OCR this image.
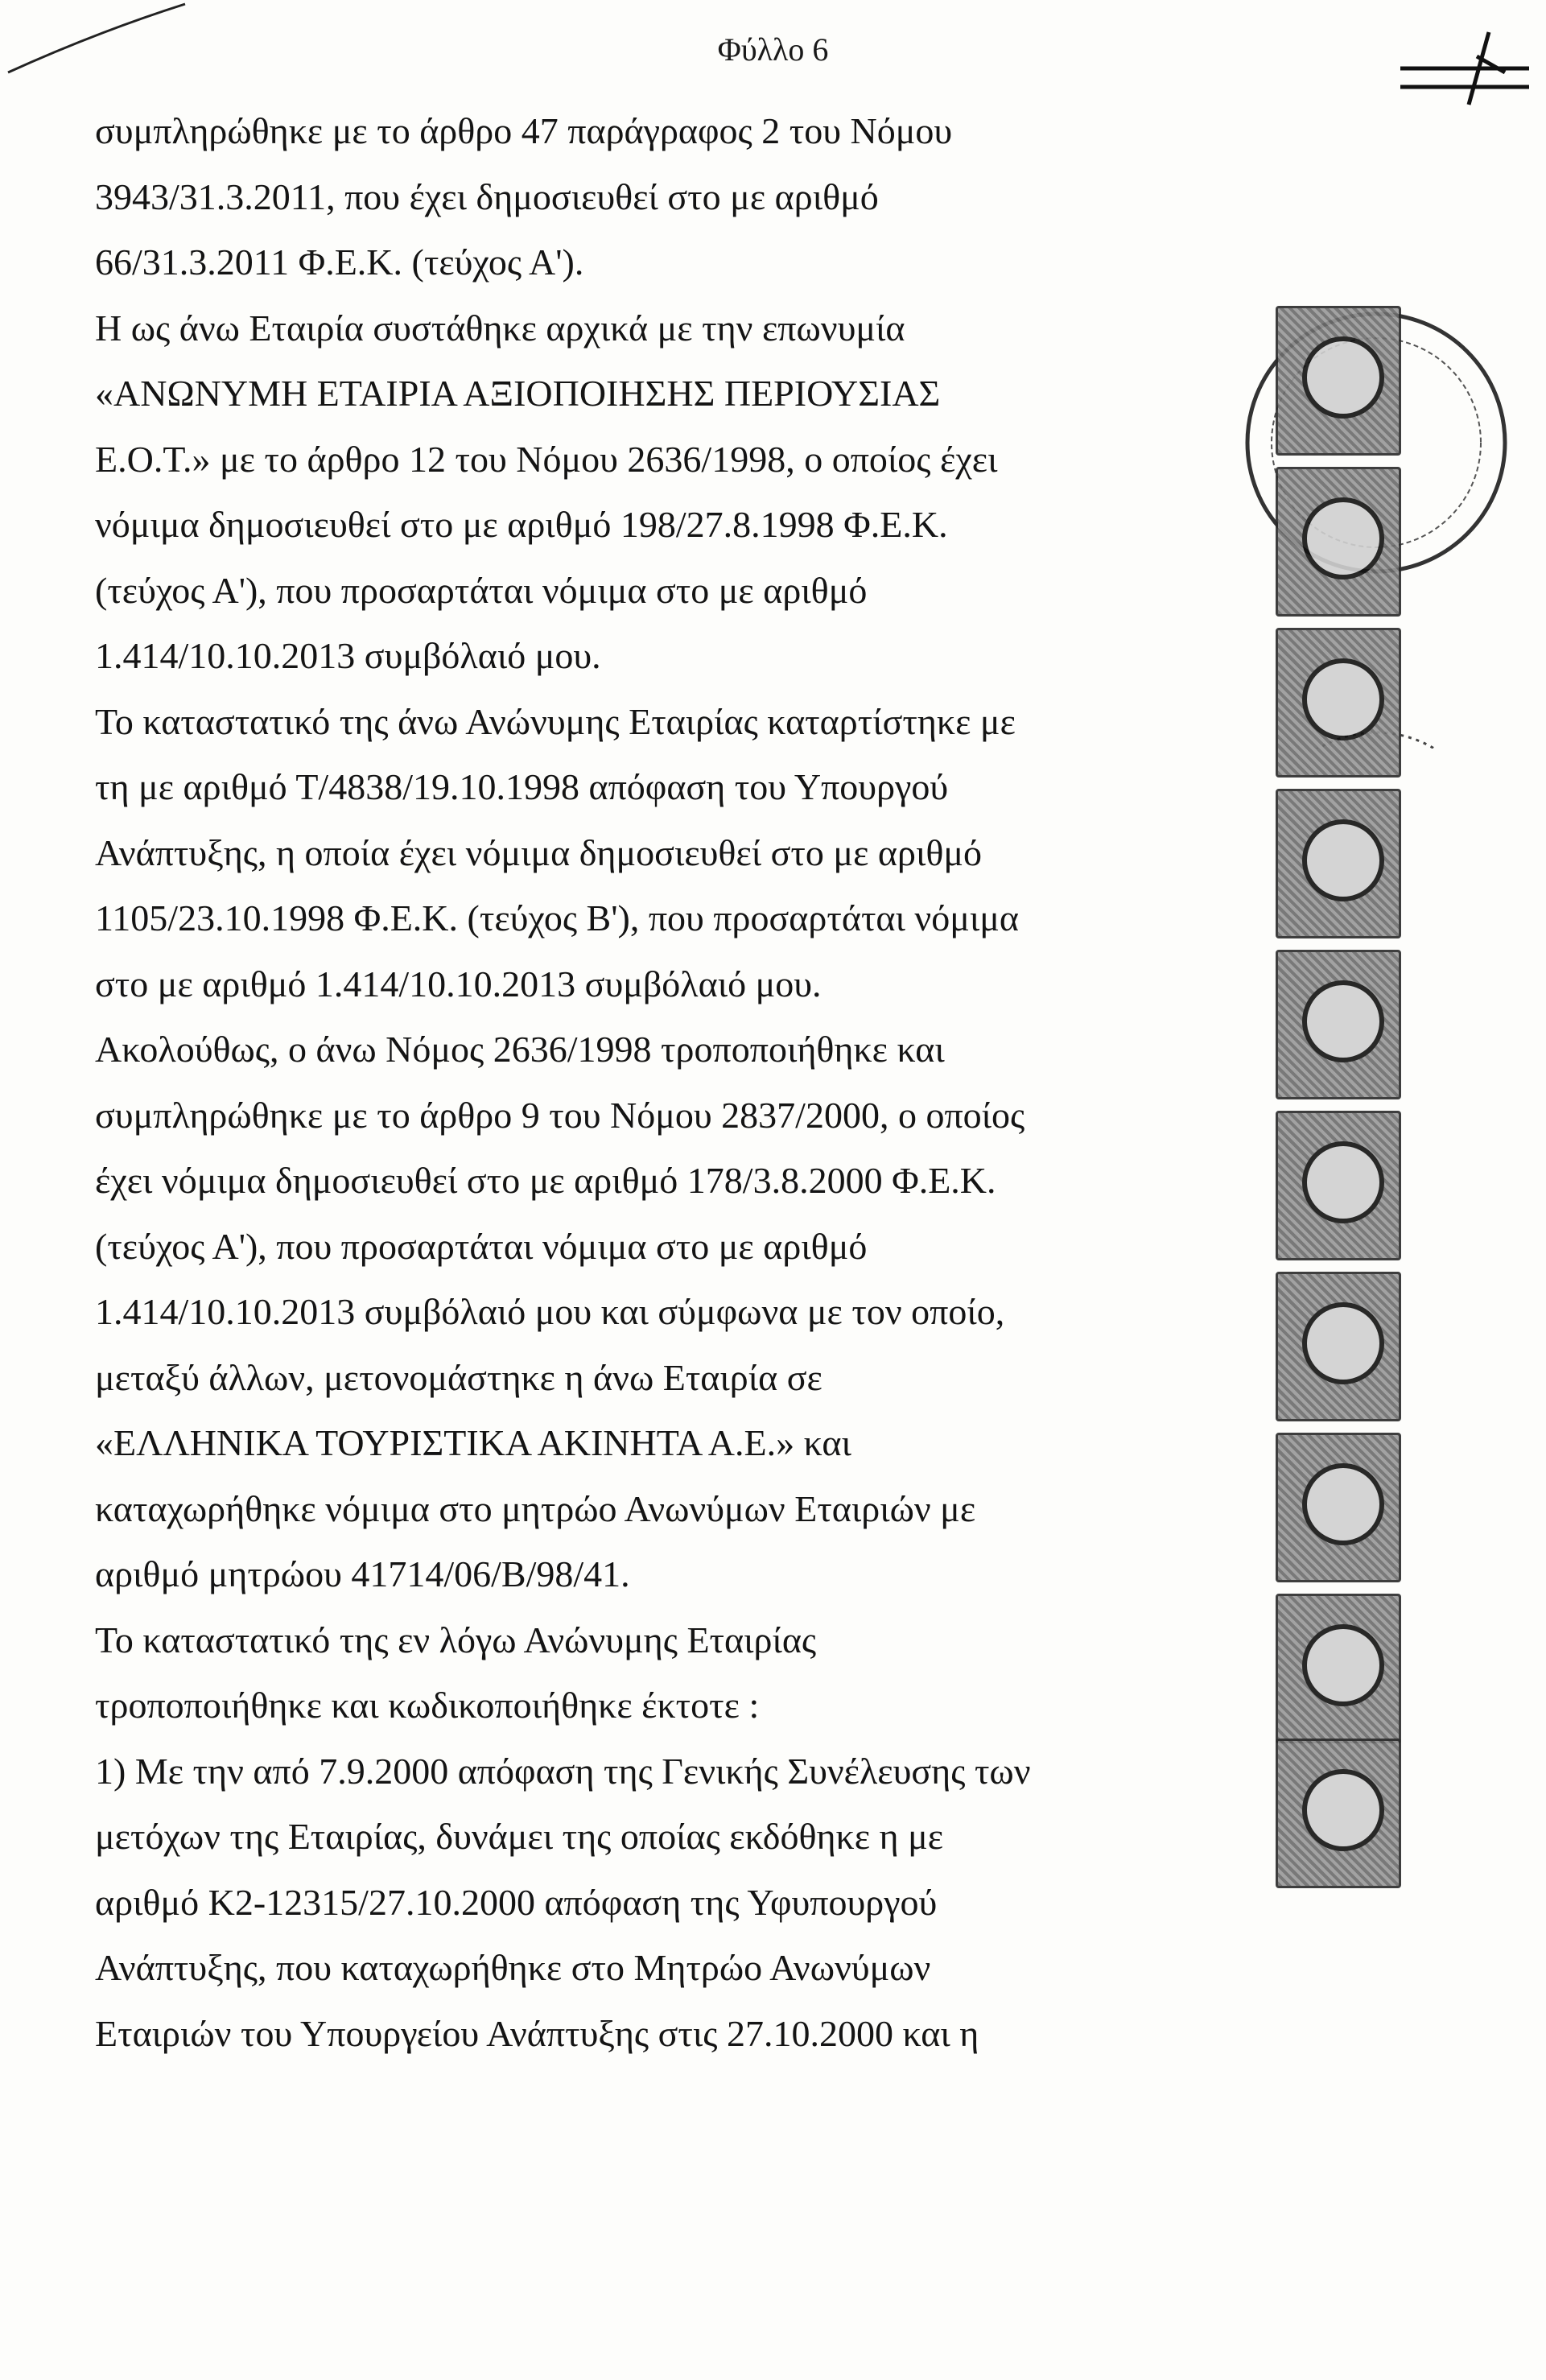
Φύλλο 6
συμπληρώθηκε με το άρθρο 47 παράγραφος 2 του Νόμου
3943/31.3.2011, που έχει δημοσιευθεί στο με αριθμό
66/31.3.2011 Φ.Ε.Κ. (τεύχος Α').
Η ως άνω Εταιρία συστάθηκε αρχικά με την επωνυμία
«ΑΝΩΝΥΜΗ ΕΤΑΙΡΙΑ ΑΞΙΟΠΟΙΗΣΗΣ ΠΕΡΙΟΥΣΙΑΣ
Ε.Ο.Τ.» με το άρθρο 12 του Νόμου 2636/1998, ο οποίος έχει
νόμιμα δημοσιευθεί στο με αριθμό 198/27.8.1998 Φ.Ε.Κ.
(τεύχος Α'), που προσαρτάται νόμιμα στο με αριθμό
1.414/10.10.2013 συμβόλαιό μου.
Το καταστατικό της άνω Ανώνυμης Εταιρίας καταρτίστηκε με
τη με αριθμό Τ/4838/19.10.1998 απόφαση του Υπουργού
Ανάπτυξης, η οποία έχει νόμιμα δημοσιευθεί στο με αριθμό
1105/23.10.1998 Φ.Ε.Κ. (τεύχος Β'), που προσαρτάται νόμιμα
στο με αριθμό 1.414/10.10.2013 συμβόλαιό μου.
Ακολούθως, ο άνω Νόμος 2636/1998 τροποποιήθηκε και
συμπληρώθηκε με το άρθρο 9 του Νόμου 2837/2000, ο οποίος
έχει νόμιμα δημοσιευθεί στο με αριθμό 178/3.8.2000 Φ.Ε.Κ.
(τεύχος Α'), που προσαρτάται νόμιμα στο με αριθμό
1.414/10.10.2013 συμβόλαιό μου και σύμφωνα με τον οποίο,
μεταξύ άλλων, μετονομάστηκε η άνω Εταιρία σε
«ΕΛΛΗΝΙΚΑ ΤΟΥΡΙΣΤΙΚΑ ΑΚΙΝΗΤΑ Α.Ε.» και
καταχωρήθηκε νόμιμα στο μητρώο Ανωνύμων Εταιριών με
αριθμό μητρώου 41714/06/Β/98/41.
Το καταστατικό της εν λόγω Ανώνυμης Εταιρίας
τροποποιήθηκε και κωδικοποιήθηκε έκτοτε :
1) Με την από 7.9.2000 απόφαση της Γενικής Συνέλευσης των
μετόχων της Εταιρίας, δυνάμει της οποίας εκδόθηκε η με
αριθμό Κ2-12315/27.10.2000 απόφαση της Υφυπουργού
Ανάπτυξης, που καταχωρήθηκε στο Μητρώο Ανωνύμων
Εταιριών του Υπουργείου Ανάπτυξης στις 27.10.2000 και η
